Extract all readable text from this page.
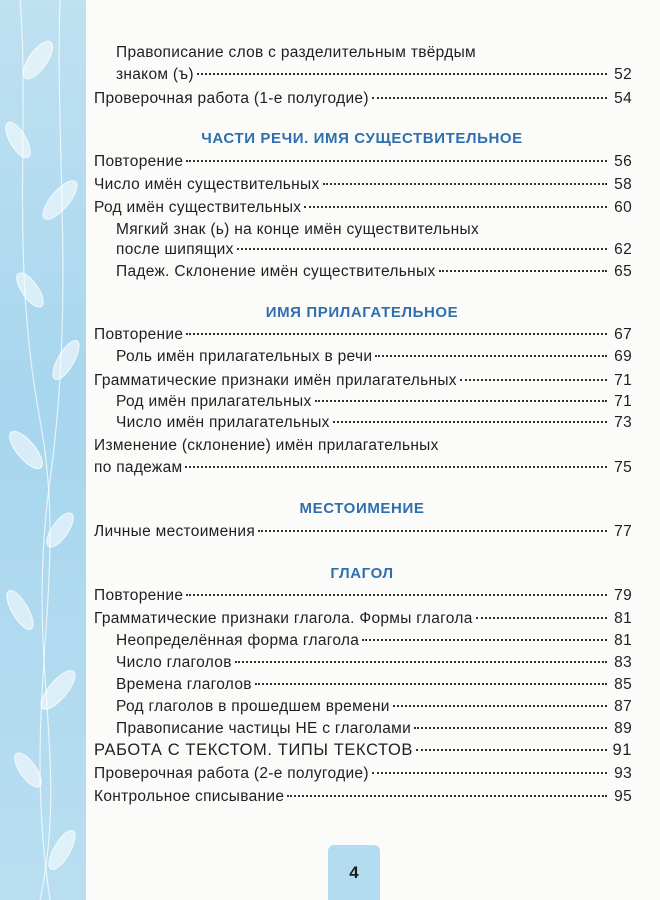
Правописание слов с разделительным твёрдым
знаком (ъ)	52
Проверочная работа (1-е полугодие)	54
ЧАСТИ РЕЧИ. ИМЯ СУЩЕСТВИТЕЛЬНОЕ
Повторение	56
Число имён существительных	58
Род имён существительных	60
Мягкий знак (ь) на конце имён существительных
после шипящих	62
Падеж. Склонение имён существительных	65
ИМЯ ПРИЛАГАТЕЛЬНОЕ
Повторение	67
Роль имён прилагательных в речи	69
Грамматические признаки имён прилагательных	71
Род имён прилагательных	71
Число имён прилагательных	73
Изменение (склонение) имён прилагательных
по падежам	75
МЕСТОИМЕНИЕ
Личные местоимения	77
ГЛАГОЛ
Повторение	79
Грамматические признаки глагола. Формы глагола	81
Неопределённая форма глагола	81
Число глаголов	83
Времена глаголов	85
Род глаголов в прошедшем времени	87
Правописание частицы НЕ с глаголами	89
РАБОТА С ТЕКСТОМ. ТИПЫ ТЕКСТОВ	91
Проверочная работа (2-е полугодие)	93
Контрольное списывание	95
4
